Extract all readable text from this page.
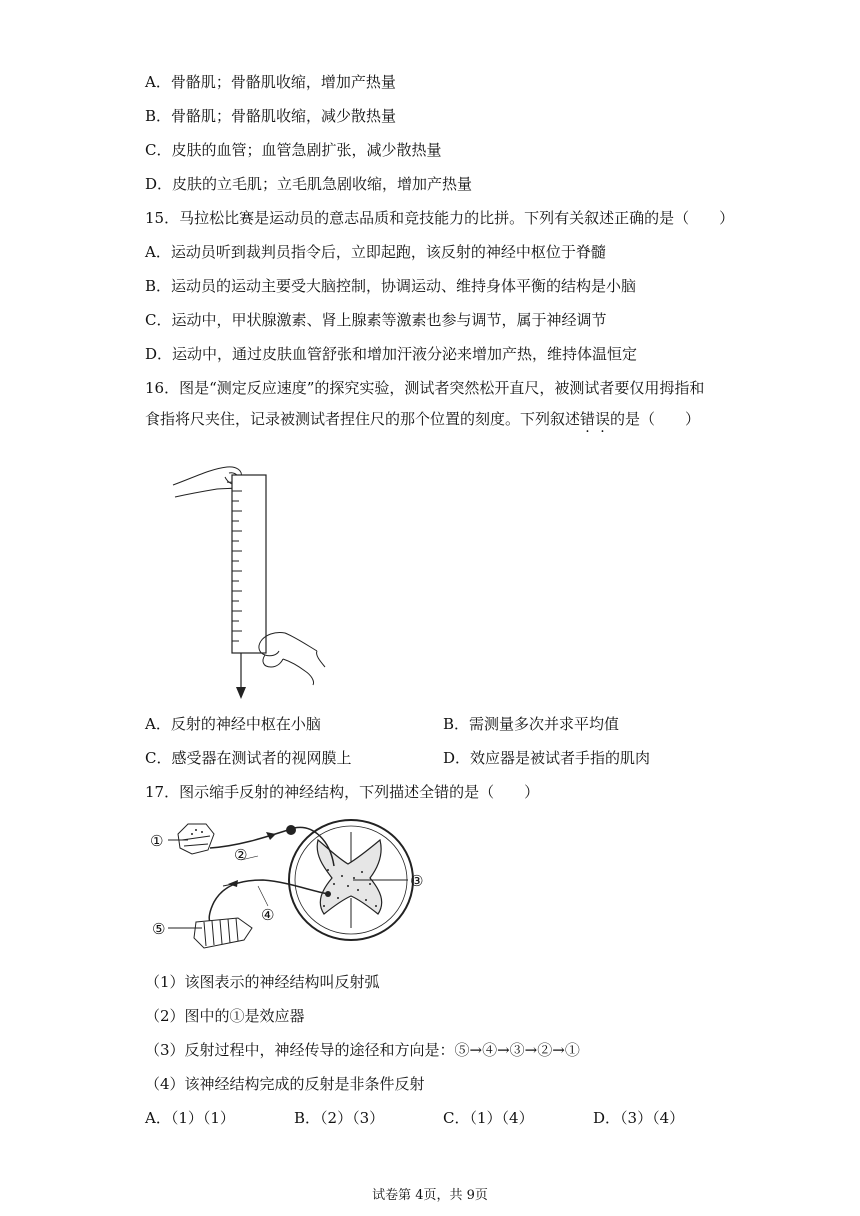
A．骨骼肌；骨骼肌收缩，增加产热量
B．骨骼肌；骨骼肌收缩，减少散热量
C．皮肤的血管；血管急剧扩张，减少散热量
D．皮肤的立毛肌；立毛肌急剧收缩，增加产热量
15．马拉松比赛是运动员的意志品质和竞技能力的比拼。下列有关叙述正确的是（　　）
A．运动员听到裁判员指令后，立即起跑，该反射的神经中枢位于脊髓
B．运动员的运动主要受大脑控制，协调运动、维持身体平衡的结构是小脑
C．运动中，甲状腺激素、肾上腺素等激素也参与调节，属于神经调节
D．运动中，通过皮肤血管舒张和增加汗液分泌来增加产热，维持体温恒定
16．图是“测定反应速度”的探究实验，测试者突然松开直尺，被测试者要仅用拇指和
食指将尺夹住，记录被测试者捏住尺的那个位置的刻度。下列叙述错误的是（　　）
A．反射的神经中枢在小脑	B．需测量多次并求平均值
C．感受器在测试者的视网膜上	D．效应器是被试者手指的肌肉
17．图示缩手反射的神经结构，下列描述全错的是（　　）
①
②
③
④
⑤
（1）该图表示的神经结构叫反射弧
（2）图中的①是效应器
（3）反射过程中，神经传导的途径和方向是：⑤→④→③→②→①
（4）该神经结构完成的反射是非条件反射
A．（1）（1）	B．（2）（3）	C．（1）（4）	D．（3）（4）
试卷第 4页，共 9页
